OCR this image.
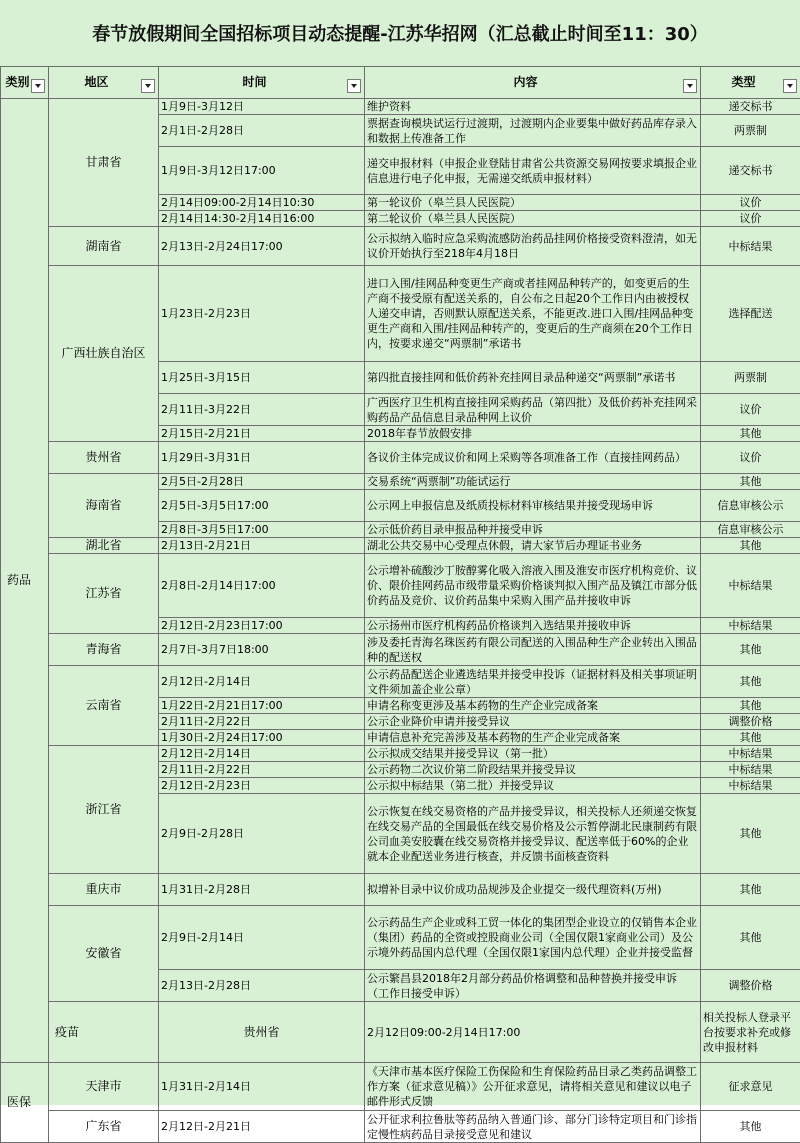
春节放假期间全国招标项目动态提醒-江苏华招网（汇总截止时间至11：30）
类别	地区	时间	内容	类型	

药品	甘肃省	1月9日-3月12日	维护资料	递交标书	
		2月1日-2月28日	票据查询模块试运行过渡期，过渡期内企业要集中做好药品库存录入和数据上传准备工作	两票制	
		1月9日-3月12日17:00	递交申报材料（申报企业登陆甘肃省公共资源交易网按要求填报企业信息进行电子化申报，无需递交纸质申报材料）	递交标书	
		2月14日09:00-2月14日10:30	第一轮议价（皋兰县人民医院）	议价	
		2月14日14:30-2月14日16:00	第二轮议价（皋兰县人民医院）	议价	
	湖南省	2月13日-2月24日17:00	公示拟纳入临时应急采购流感防治药品挂网价格接受资料澄清，如无议价开始执行至218年4月18日	中标结果	
	广西壮族自治区	1月23日-2月23日	进口入围/挂网品种变更生产商或者挂网品种转产的，如变更后的生产商不接受原有配送关系的，自公布之日起20个工作日内由被授权人递交申请，否则默认原配送关系，不能更改.进口入围/挂网品种变更生产商和入围/挂网品种转产的，变更后的生产商须在20个工作日内，按要求递交“两票制”承诺书	选择配送	
		1月25日-3月15日	第四批直接挂网和低价药补充挂网目录品种递交“两票制”承诺书	两票制	
		2月11日-3月22日	广西医疗卫生机构直接挂网采购药品（第四批）及低价药补充挂网采购药品产品信息目录品种网上议价	议价	
		2月15日-2月21日	2018年春节放假安排	其他	
	贵州省	1月29日-3月31日	各议价主体完成议价和网上采购等各项准备工作（直接挂网药品）	议价	
	海南省	2月5日-2月28日	交易系统“两票制”功能试运行	其他	
		2月5日-3月5日17:00	公示网上申报信息及纸质投标材料审核结果并接受现场申诉	信息审核公示	
		2月8日-3月5日17:00	公示低价药目录申报品种并接受申诉	信息审核公示	
	湖北省	2月13日-2月21日	湖北公共交易中心受理点休假，请大家节后办理证书业务	其他	
	江苏省	2月8日-2月14日17:00	公示增补硫酸沙丁胺醇雾化吸入溶液入围及淮安市医疗机构竞价、议价、限价挂网药品市级带量采购价格谈判拟入围产品及镇江市部分低价药品及竞价、议价药品集中采购入围产品并接收申诉	中标结果	
		2月12日-2月23日17:00	公示扬州市医疗机构药品价格谈判入选结果并接收申诉	中标结果	
	青海省	2月7日-3月7日18:00	涉及委托青海名珠医药有限公司配送的入围品种生产企业转出入围品种的配送权	其他	
	云南省	2月12日-2月14日	公示药品配送企业遴选结果并接受申投诉（证据材料及相关事项证明文件须加盖企业公章）	其他	
		1月22日-2月21日17:00	申请名称变更涉及基本药物的生产企业完成备案	其他	
		2月11日-2月22日	公示企业降价申请并接受异议	调整价格	
		1月30日-2月24日17:00	申请信息补充完善涉及基本药物的生产企业完成备案	其他	
	浙江省	2月12日-2月14日	公示拟成交结果并接受异议（第一批）	中标结果	
		2月11日-2月22日	公示药物二次议价第二阶段结果并接受异议	中标结果	
		2月12日-2月23日	公示拟中标结果（第二批）并接受异议	中标结果	
		2月9日-2月28日	公示恢复在线交易资格的产品并接受异议，相关投标人还须递交恢复在线交易产品的全国最低在线交易价格及公示暂停湖北民康制药有限公司血美安胶囊在线交易资格并接受异议、配送率低于60%的企业就本企业配送业务进行核查，并反馈书面核查资料	其他	
	重庆市	1月31日-2月28日	拟增补目录中议价成功品规涉及企业提交一级代理资料(万州)	其他	
	安徽省	2月9日-2月14日	公示药品生产企业或科工贸一体化的集团型企业设立的仅销售本企业（集团）药品的全资或控股商业公司（全国仅限1家商业公司）及公示境外药品国内总代理（全国仅限1家国内总代理）企业并接受监督	其他	
		2月13日-2月28日	公示繁昌县2018年2月部分药品价格调整和品种替换并接受申诉（工作日接受申诉）	调整价格	
	疫苗	贵州省	2月12日09:00-2月14日17:00	相关投标人登录平台按要求补充或修改申报材料	
医保	天津市	1月31日-2月14日	《天津市基本医疗保险工伤保险和生育保险药品目录乙类药品调整工作方案（征求意见稿）》公开征求意见，请将相关意见和建议以电子邮件形式反馈	征求意见	
	广东省	2月12日-2月21日	公开征求利拉鲁肽等药品纳入普通门诊、部分门诊特定项目和门诊指定慢性病药品目录接受意见和建议	其他	
